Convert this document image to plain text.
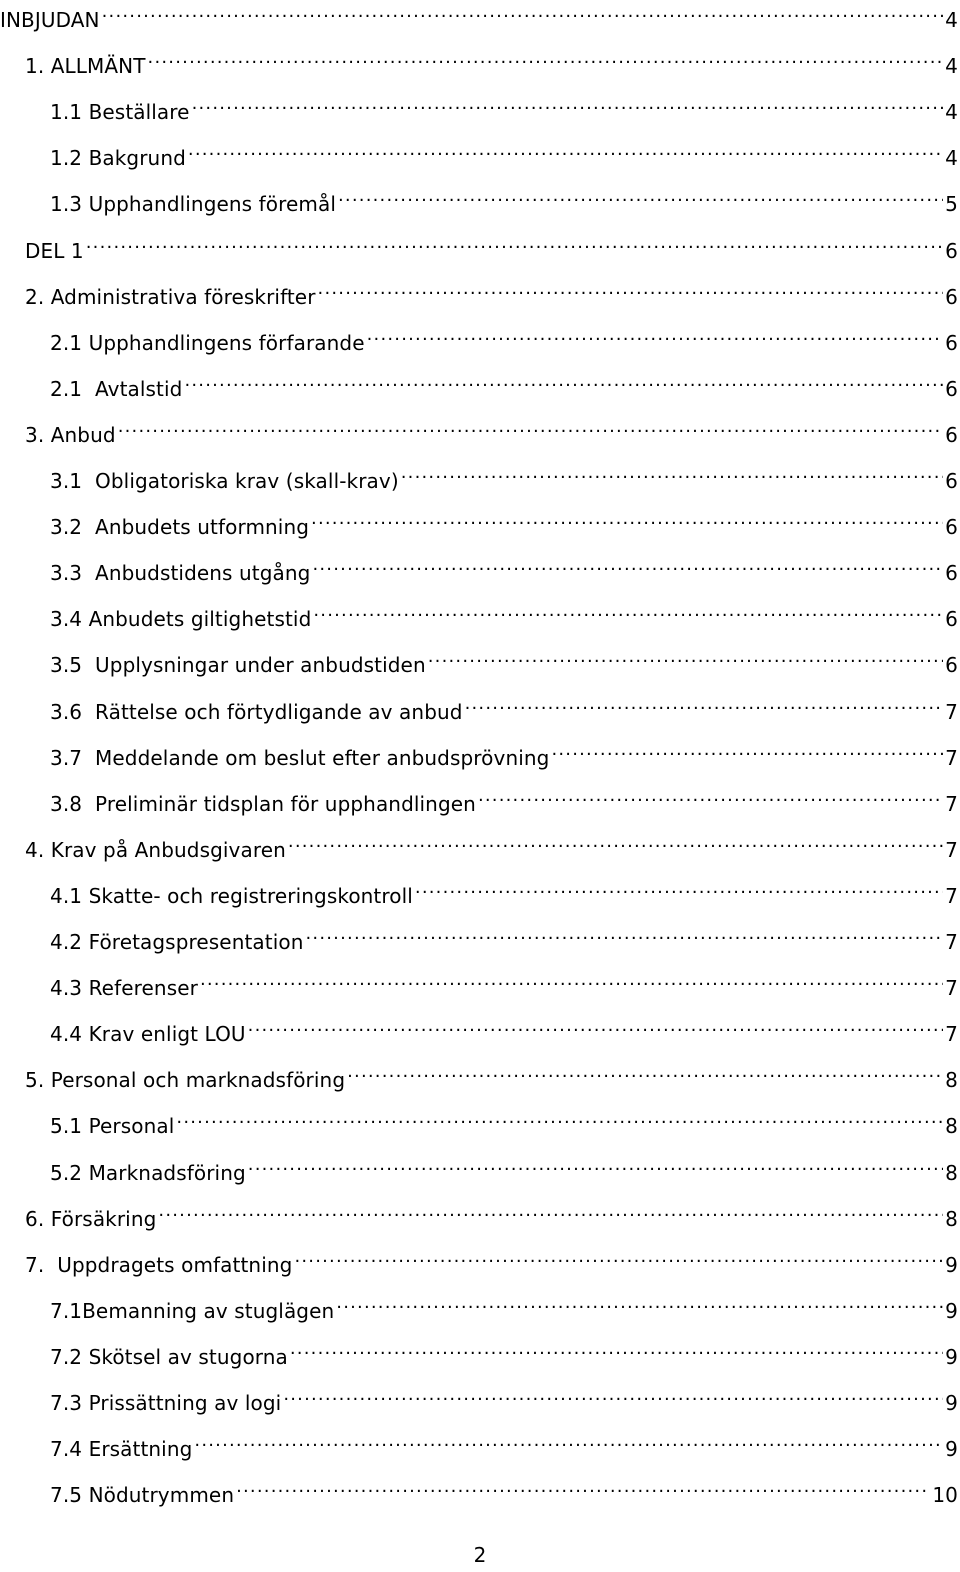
INBJUDAN .....	4
1. ALLMÄNT .....	4
1.1 Beställare .....	4
1.2 Bakgrund .....	4
1.3 Upphandlingens föremål .....	5
DEL 1 .....	6
2. Administrativa föreskrifter .....	6
2.1 Upphandlingens förfarande .....	6
2.1 Avtalstid .....	6
3. Anbud .....	6
3.1 Obligatoriska krav (skall-krav) .....	6
3.2 Anbudets utformning .....	6
3.3 Anbudstidens utgång .....	6
3.4 Anbudets giltighetstid .....	6
3.5 Upplysningar under anbudstiden .....	6
3.6 Rättelse och förtydligande av anbud .....	7
3.7 Meddelande om beslut efter anbudsprövning .....	7
3.8 Preliminär tidsplan för upphandlingen .....	7
4. Krav på Anbudsgivaren .....	7
4.1 Skatte- och registreringskontroll .....	7
4.2 Företagspresentation .....	7
4.3 Referenser .....	7
4.4 Krav enligt LOU .....	7
5. Personal och marknadsföring .....	8
5.1 Personal .....	8
5.2 Marknadsföring .....	8
6. Försäkring .....	8
7. Uppdragets omfattning .....	9
7.1 Bemanning av stuglägen .....	9
7.2 Skötsel av stugorna .....	9
7.3 Prissättning av logi .....	9
7.4 Ersättning .....	9
7.5 Nödutrymmen .....	10
2
